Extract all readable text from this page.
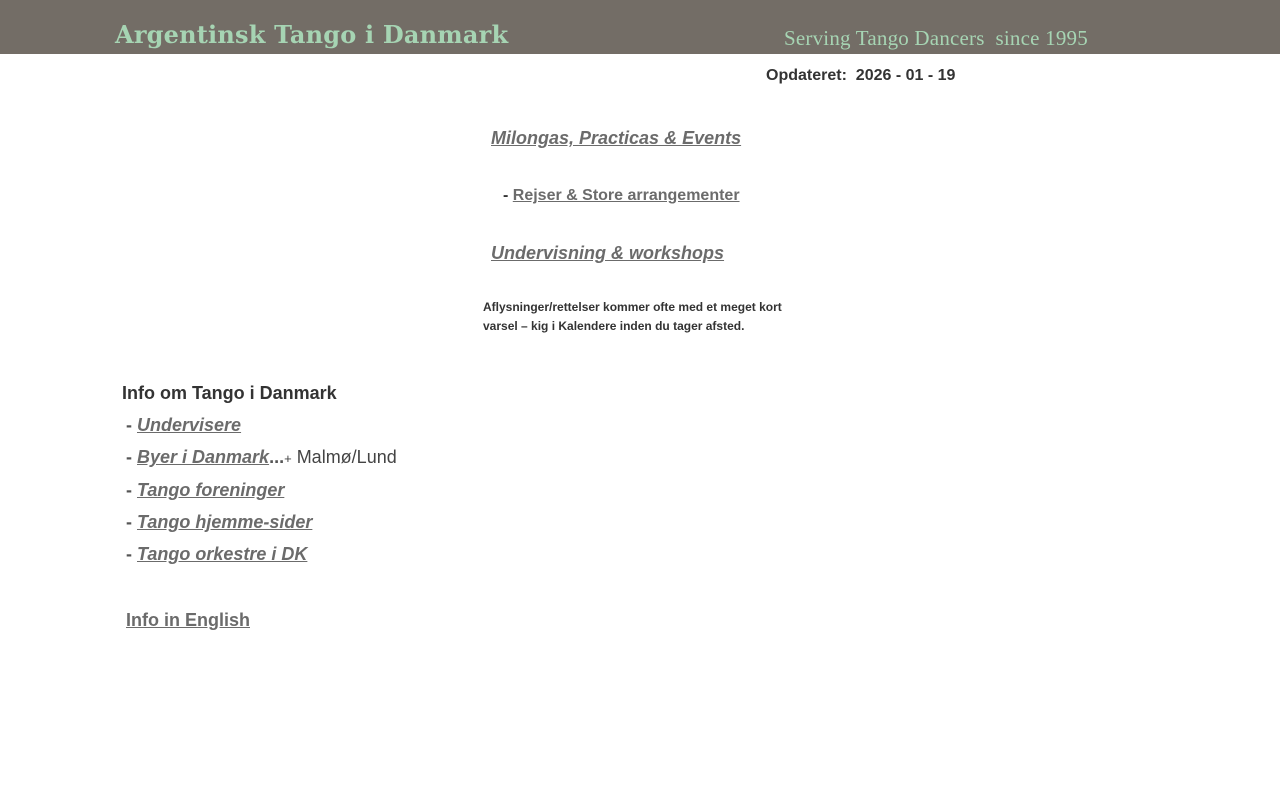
Argentinsk Tango i Danmark	Serving Tango Dancers  since 1995
Opdateret: 2026 - 01 - 19
Milongas, Practicas & Events
- Rejser & Store arrangementer
Undervisning & workshops
Aflysninger/rettelser kommer ofte med et meget kort varsel – kig i Kalendere inden du tager afsted.
Info om Tango i Danmark
- Undervisere
- Byer i Danmark...+ Malmø/Lund
- Tango foreninger
- Tango hjemme-sider
- Tango orkestre i DK
Info in English
